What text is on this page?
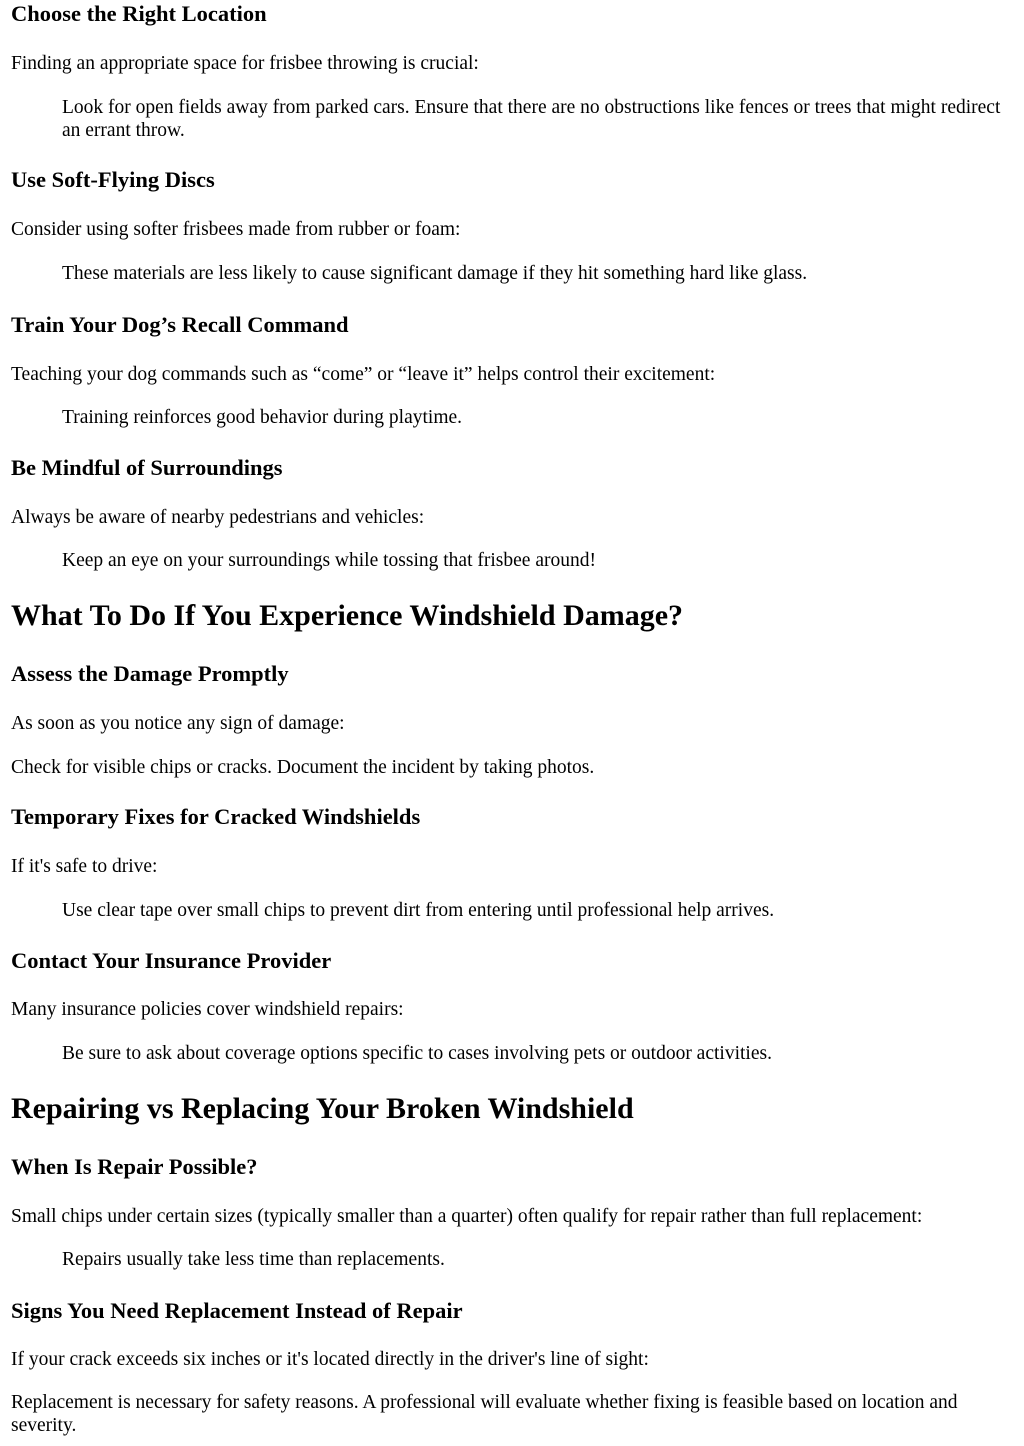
Choose the Right Location

Finding an appropriate space for frisbee throwing is crucial:

Look for open fields away from parked cars. Ensure that there are no obstructions like fences or trees that might redirect an errant throw.
Use Soft-Flying Discs

Consider using softer frisbees made from rubber or foam:

These materials are less likely to cause significant damage if they hit something hard like glass.
Train Your Dog’s Recall Command

Teaching your dog commands such as “come” or “leave it” helps control their excitement:

Training reinforces good behavior during playtime.
Be Mindful of Surroundings

Always be aware of nearby pedestrians and vehicles:

Keep an eye on your surroundings while tossing that frisbee around!
What To Do If You Experience Windshield Damage?
Assess the Damage Promptly

As soon as you notice any sign of damage:

Check for visible chips or cracks. Document the incident by taking photos.

Temporary Fixes for Cracked Windshields

If it's safe to drive:

Use clear tape over small chips to prevent dirt from entering until professional help arrives.
Contact Your Insurance Provider

Many insurance policies cover windshield repairs:

Be sure to ask about coverage options specific to cases involving pets or outdoor activities.
Repairing vs Replacing Your Broken Windshield
When Is Repair Possible?

Small chips under certain sizes (typically smaller than a quarter) often qualify for repair rather than full replacement:

Repairs usually take less time than replacements.
Signs You Need Replacement Instead of Repair

If your crack exceeds six inches or it's located directly in the driver's line of sight:

Replacement is necessary for safety reasons. A professional will evaluate whether fixing is feasible based on location and severity.
